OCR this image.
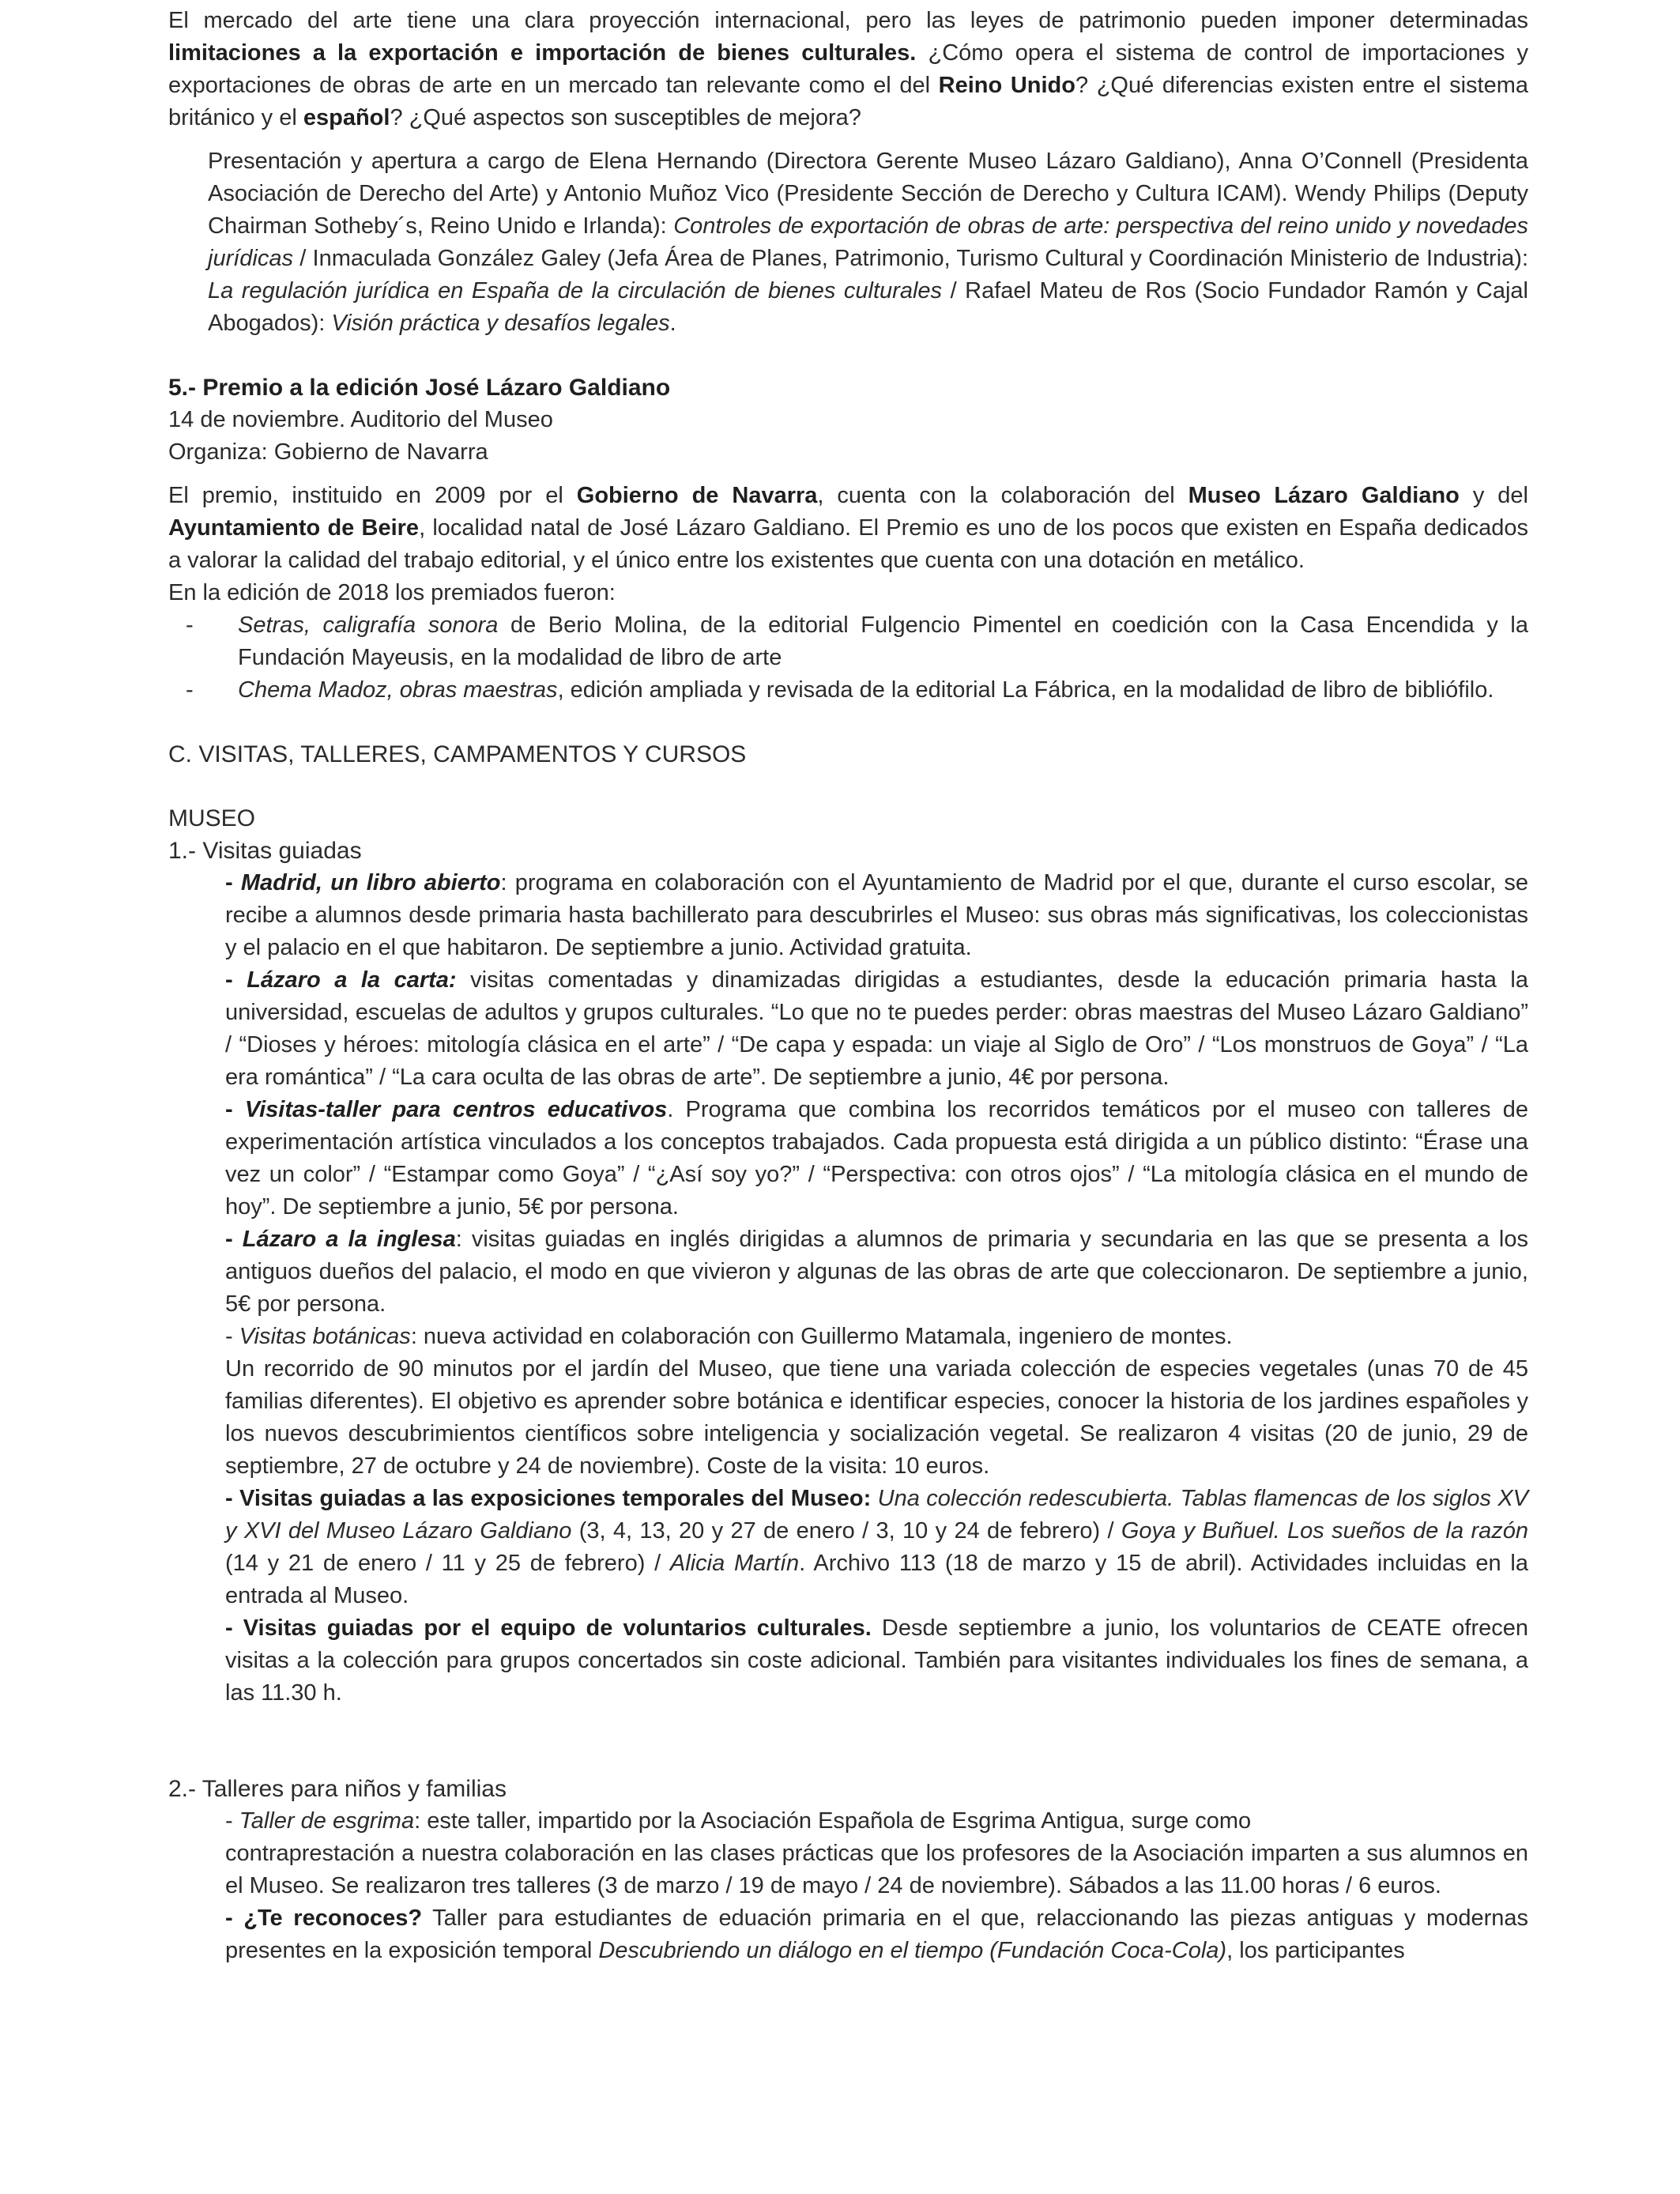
El mercado del arte tiene una clara proyección internacional, pero las leyes de patrimonio pueden imponer determinadas limitaciones a la exportación e importación de bienes culturales. ¿Cómo opera el sistema de control de importaciones y exportaciones de obras de arte en un mercado tan relevante como el del Reino Unido? ¿Qué diferencias existen entre el sistema británico y el español? ¿Qué aspectos son susceptibles de mejora?

Presentación y apertura a cargo de Elena Hernando (Directora Gerente Museo Lázaro Galdiano), Anna O’Connell (Presidenta Asociación de Derecho del Arte) y Antonio Muñoz Vico (Presidente Sección de Derecho y Cultura ICAM). Wendy Philips (Deputy Chairman Sotheby´s, Reino Unido e Irlanda): Controles de exportación de obras de arte: perspectiva del reino unido y novedades jurídicas / Inmaculada González Galey (Jefa Área de Planes, Patrimonio, Turismo Cultural y Coordinación Ministerio de Industria): La regulación jurídica en España de la circulación de bienes culturales / Rafael Mateu de Ros (Socio Fundador Ramón y Cajal Abogados): Visión práctica y desafíos legales.

5.- Premio a la edición José Lázaro Galdiano

14 de noviembre. Auditorio del Museo

Organiza: Gobierno de Navarra

El premio, instituido en 2009 por el Gobierno de Navarra, cuenta con la colaboración del Museo Lázaro Galdiano y del Ayuntamiento de Beire, localidad natal de José Lázaro Galdiano. El Premio es uno de los pocos que existen en España dedicados a valorar la calidad del trabajo editorial, y el único entre los existentes que cuenta con una dotación en metálico.

En la edición de 2018 los premiados fueron:

- Setras, caligrafía sonora de Berio Molina, de la editorial Fulgencio Pimentel en coedición con la Casa Encendida y la Fundación Mayeusis, en la modalidad de libro de arte
- Chema Madoz, obras maestras, edición ampliada y revisada de la editorial La Fábrica, en la modalidad de libro de bibliófilo.

C. VISITAS, TALLERES, CAMPAMENTOS Y CURSOS

MUSEO

1.- Visitas guiadas

- Madrid, un libro abierto: programa en colaboración con el Ayuntamiento de Madrid por el que, durante el curso escolar, se recibe a alumnos desde primaria hasta bachillerato para descubrirles el Museo: sus obras más significativas, los coleccionistas y el palacio en el que habitaron. De septiembre a junio. Actividad gratuita.

- Lázaro a la carta: visitas comentadas y dinamizadas dirigidas a estudiantes, desde la educación primaria hasta la universidad, escuelas de adultos y grupos culturales. “Lo que no te puedes perder: obras maestras del Museo Lázaro Galdiano” / “Dioses y héroes: mitología clásica en el arte” / “De capa y espada: un viaje al Siglo de Oro” / “Los monstruos de Goya” / “La era romántica” / “La cara oculta de las obras de arte”. De septiembre a junio, 4€ por persona.

- Visitas-taller para centros educativos. Programa que combina los recorridos temáticos por el museo con talleres de experimentación artística vinculados a los conceptos trabajados. Cada propuesta está dirigida a un público distinto: “Érase una vez un color” / “Estampar como Goya” / “¿Así soy yo?” / “Perspectiva: con otros ojos” / “La mitología clásica en el mundo de hoy”. De septiembre a junio, 5€ por persona.

- Lázaro a la inglesa: visitas guiadas en inglés dirigidas a alumnos de primaria y secundaria en las que se presenta a los antiguos dueños del palacio, el modo en que vivieron y algunas de las obras de arte que coleccionaron. De septiembre a junio, 5€ por persona.

- Visitas botánicas: nueva actividad en colaboración con Guillermo Matamala, ingeniero de montes.

Un recorrido de 90 minutos por el jardín del Museo, que tiene una variada colección de especies vegetales (unas 70 de 45 familias diferentes). El objetivo es aprender sobre botánica e identificar especies, conocer la historia de los jardines españoles y los nuevos descubrimientos científicos sobre inteligencia y socialización vegetal. Se realizaron 4 visitas (20 de junio, 29 de septiembre, 27 de octubre y 24 de noviembre). Coste de la visita: 10 euros.

- Visitas guiadas a las exposiciones temporales del Museo: Una colección redescubierta. Tablas flamencas de los siglos XV y XVI del Museo Lázaro Galdiano (3, 4, 13, 20 y 27 de enero / 3, 10 y 24 de febrero) / Goya y Buñuel. Los sueños de la razón (14 y 21 de enero / 11 y 25 de febrero) / Alicia Martín. Archivo 113 (18 de marzo y 15 de abril). Actividades incluidas en la entrada al Museo.

- Visitas guiadas por el equipo de voluntarios culturales. Desde septiembre a junio, los voluntarios de CEATE ofrecen visitas a la colección para grupos concertados sin coste adicional. También para visitantes individuales los fines de semana, a las 11.30 h.

2.- Talleres para niños y familias

- Taller de esgrima: este taller, impartido por la Asociación Española de Esgrima Antigua, surge como

contraprestación a nuestra colaboración en las clases prácticas que los profesores de la Asociación imparten a sus alumnos en el Museo. Se realizaron tres talleres (3 de marzo / 19 de mayo / 24 de noviembre). Sábados a las 11.00 horas / 6 euros.

- ¿Te reconoces? Taller para estudiantes de eduación primaria en el que, relaccionando las piezas antiguas y modernas presentes en la exposición temporal Descubriendo un diálogo en el tiempo (Fundación Coca-Cola), los participantes
